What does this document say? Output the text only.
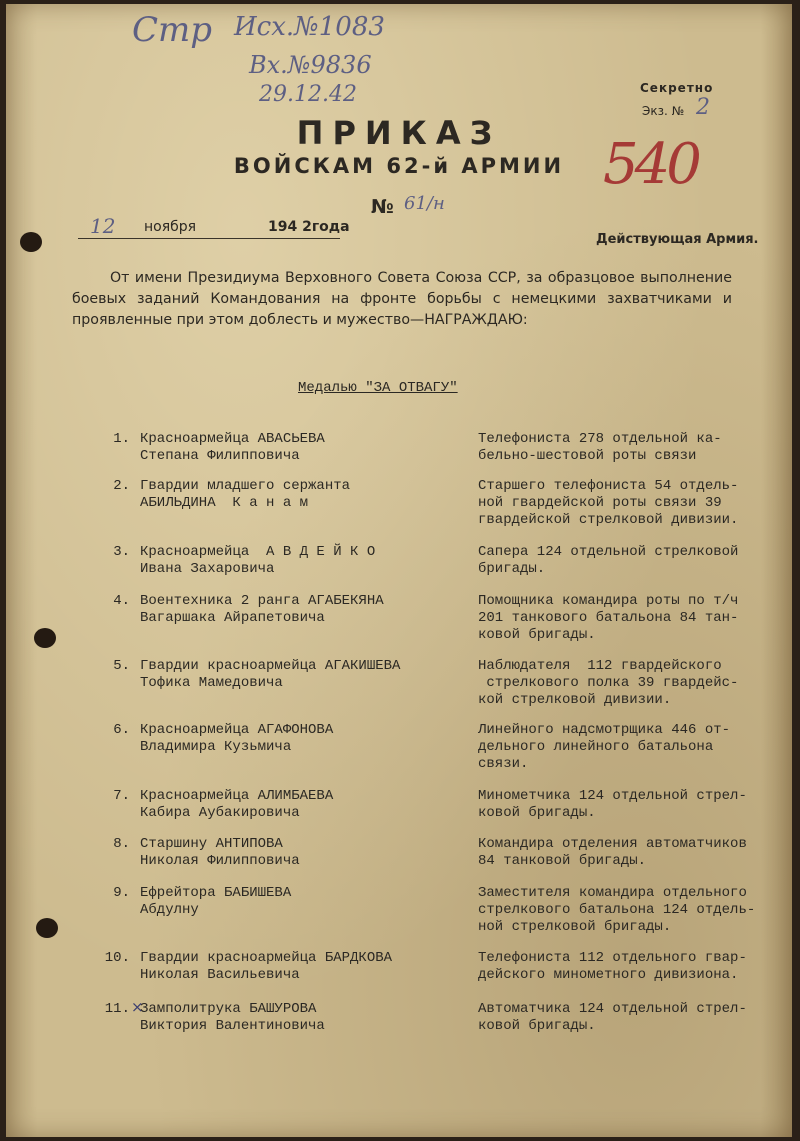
Стр Исх.№1083
Вх.№9836
29.12.42	Секретно
Экз. № 2
540
ПРИКАЗ
ВОЙСКАМ 62-й АРМИИ
№ 61/н
12 ноября	194 2года
Действующая Армия.
От имени Президиума Верховного Совета Союза ССР, за образцовое выполнение боевых заданий Командования на фронте борьбы с немецкими захватчиками и проявленные при этом доблесть и мужество—НАГРАЖДАЮ:
Медалью "ЗА ОТВАГУ"
1. Красноармейца АВАСЬЕВА
Степана Филипповича
Телефониста 278 отдельной ка-
бельно-шестовой роты связи
2. Гвардии младшего сержанта
АБИЛЬДИНА  К а н а м
Старшего телефониста 54 отдель-
ной гвардейской роты связи 39
гвардейской стрелковой дивизии.
3. Красноармейца  А В Д Е Й К О
Ивана Захаровича
Сапера 124 отдельной стрелковой
бригады.
4. Воентехника 2 ранга АГАБЕКЯНА
Вагаршака Айрапетовича
Помощника командира роты по т/ч
201 танкового батальона 84 тан-
ковой бригады.
5. Гвардии красноармейца АГАКИШЕВА
Тофика Мамедовича
Наблюдателя  112 гвардейского
стрелкового полка 39 гвардейс-
кой стрелковой дивизии.
6. Красноармейца АГАФОНОВА
Владимира Кузьмича
Линейного надсмотрщика 446 от-
дельного линейного батальона
связи.
7. Красноармейца АЛИМБАЕВА
Кабира Аубакировича
Минометчика 124 отдельной стрел-
ковой бригады.
8. Старшину АНТИПОВА
Николая Филипповича
Командира отделения автоматчиков
84 танковой бригады.
9. Ефрейтора БАБИШЕВА
Абдулну
Заместителя командира отдельного
стрелкового батальона 124 отдель-
ной стрелковой бригады.
10. Гвардии красноармейца БАРДКОВА
Николая Васильевича
Телефониста 112 отдельного гвар-
дейского минометного дивизиона.
11. Замполитрука БАШУРОВА
Виктория Валентиновича
Автоматчика 124 отдельной стрел-
ковой бригады.
×
